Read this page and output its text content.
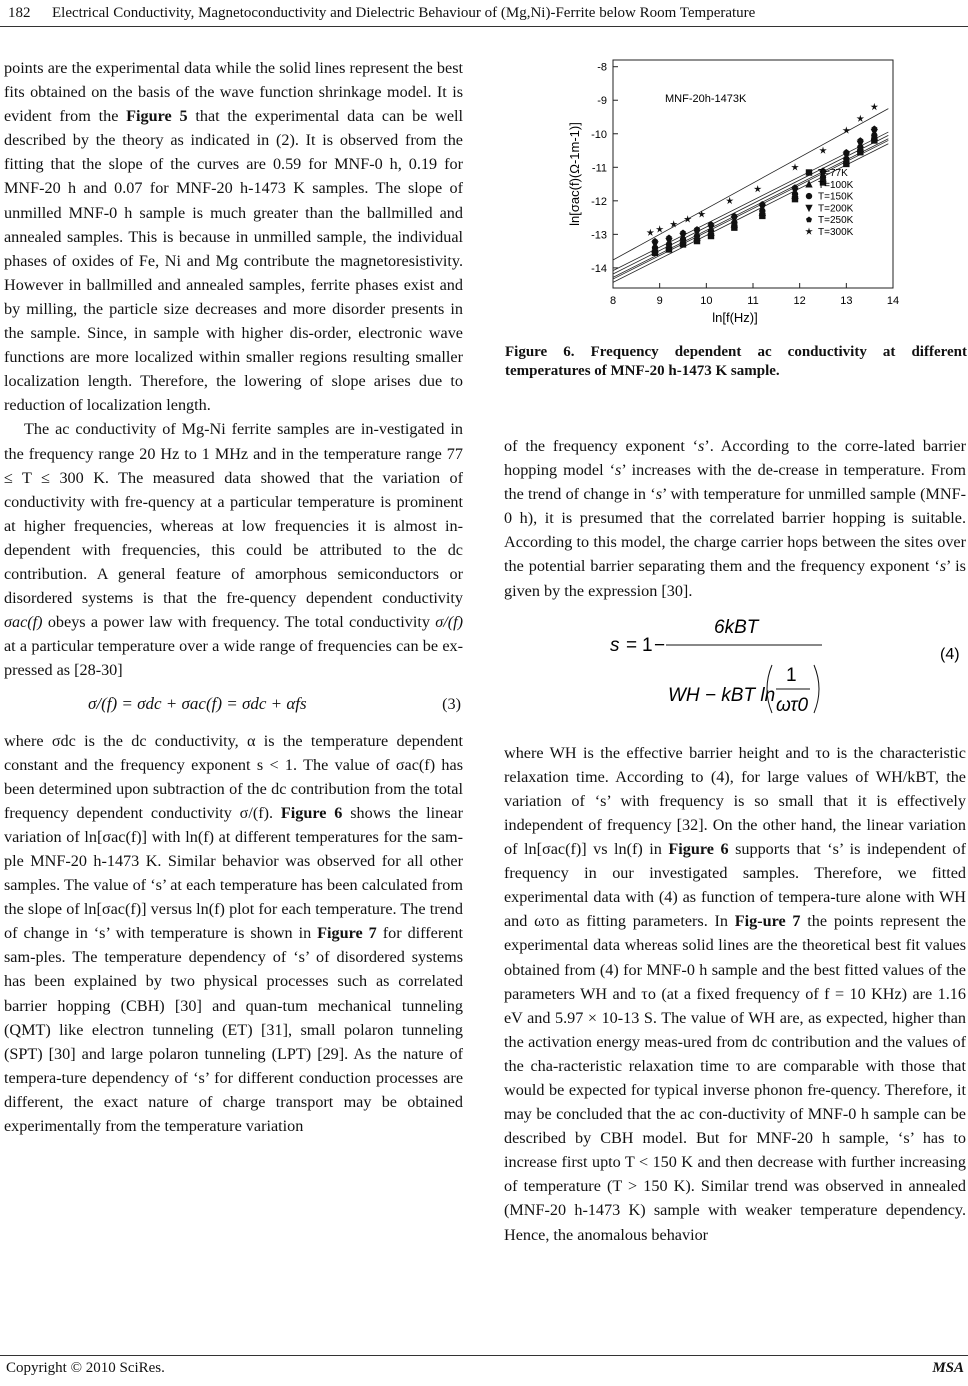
182 Electrical Conductivity, Magnetoconductivity and Dielectric Behaviour of (Mg,Ni)-Ferrite below Room Temperature

points are the experimental data while the solid lines represent the best fits obtained on the basis of the wave function shrinkage model. It is evident from the Figure 5 that the experimental data can be well described by the theory as indicated in (2). It is observed from the fitting that the slope of the curves are 0.59 for MNF-0 h, 0.19 for MNF-20 h and 0.07 for MNF-20 h-1473 K samples. The slope of unmilled MNF-0 h sample is much greater than the ballmilled and annealed samples. This is because in unmilled sample, the individual phases of oxides of Fe, Ni and Mg contribute the magnetoresistivity. However in ballmilled and annealed samples, ferrite phases exist and by milling, the particle size decreases and more disorder presents in the sample. Since, in sample with higher dis-order, electronic wave functions are more localized within smaller regions resulting smaller localization length. Therefore, the lowering of slope arises due to reduction of localization length.

The ac conductivity of Mg-Ni ferrite samples are in-vestigated in the frequency range 20 Hz to 1 MHz and in the temperature range 77 ≤ T ≤ 300 K. The measured data showed that the variation of conductivity with fre-quency at a particular temperature is prominent at higher frequencies, whereas at low frequencies it is almost in-dependent with frequencies, this could be attributed to the dc contribution. A general feature of amorphous semiconductors or disordered systems is that the fre-quency dependent conductivity σac(f) obeys a power law with frequency. The total conductivity σ/(f) at a particular temperature over a wide range of frequencies can be ex-pressed as [28-30]

σ/(f) = σdc + σac(f) = σdc + αfs	(3)

where σdc is the dc conductivity, α is the temperature dependent constant and the frequency exponent s < 1. The value of σac(f) has been determined upon subtraction of the dc contribution from the total frequency dependent conductivity σ/(f). Figure 6 shows the linear variation of ln[σac(f)] with ln(f) at different temperatures for the sam-ple MNF-20 h-1473 K. Similar behavior was observed for all other samples. The value of ‘s’ at each temperature has been calculated from the slope of ln[σac(f)] versus ln(f) plot for each temperature. The trend of change in ‘s’ with temperature is shown in Figure 7 for different sam-ples. The temperature dependency of ‘s’ of disordered systems has been explained by two physical processes such as correlated barrier hopping (CBH) [30] and quan-tum mechanical tunneling (QMT) like electron tunneling (ET) [31], small polaron tunneling (SPT) [30] and large polaron tunneling (LPT) [29]. As the nature of tempera-ture dependency of ‘s’ for different conduction processes are different, the exact nature of charge transport may be obtained experimentally from the temperature variation

-8
-9
-10
-11
-12
-13
-14
8	9	10	11	12	13	14
MNF-20h-1473K
ln[f(Hz)]
ln[σac(f)(Ω-1m-1)]	T=77K
T=100K
T=150K
T=200K
T=250K
T=300K
Figure 6. Frequency dependent ac conductivity at different temperatures of MNF-20 h-1473 K sample.

of the frequency exponent ‘s’. According to the corre-lated barrier hopping model ‘s’ increases with the de-crease in temperature. From the trend of change in ‘s’ with temperature for unmilled sample (MNF-0 h), it is presumed that the correlated barrier hopping is suitable. According to this model, the charge carrier hops between the sites over the potential barrier separating them and the frequency exponent ‘s’ is given by the expression [30].

s = 1 −
6kBT
WH − kBT ln
1
ωτ0
(4)

where WH is the effective barrier height and τo is the characteristic relaxation time. According to (4), for large values of WH/kBT, the variation of ‘s’ with frequency is so small that it is effectively independent of frequency [32]. On the other hand, the linear variation of ln[σac(f)] vs ln(f) in Figure 6 supports that ‘s’ is independent of frequency in our investigated samples. Therefore, we fitted experimental data with (4) as function of tempera-ture alone with WH and ωτo as fitting parameters. In Fig-ure 7 the points represent the experimental data whereas solid lines are the theoretical best fit values obtained from (4) for MNF-0 h sample and the best fitted values of the parameters WH and τo (at a fixed frequency of f = 10 KHz) are 1.16 eV and 5.97 × 10-13 S. The value of WH are, as expected, higher than the activation energy meas-ured from dc contribution and the values of the cha-racteristic relaxation time τo are comparable with those that would be expected for typical inverse phonon fre-quency. Therefore, it may be concluded that the ac con-ductivity of MNF-0 h sample can be described by CBH model. But for MNF-20 h sample, ‘s’ has to increase first upto T < 150 K and then decrease with further increasing of temperature (T > 150 K). Similar trend was observed in annealed (MNF-20 h-1473 K) sample with weaker temperature dependency. Hence, the anomalous behavior

Copyright © 2010 SciRes.	MSA
